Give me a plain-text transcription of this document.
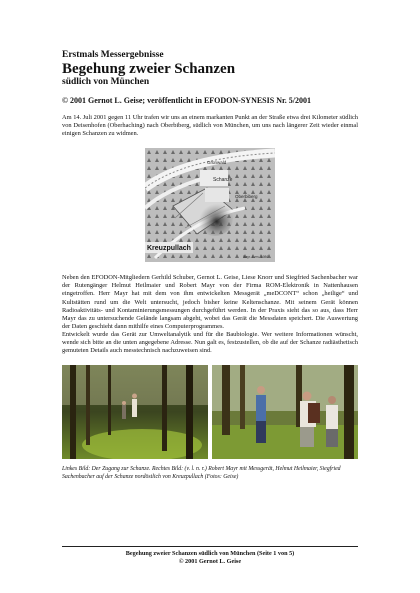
Erstmals Messergebnisse
Begehung zweier Schanzen
südlich von München
© 2001 Gernot L. Geise; veröffentlicht in EFODON-SYNESIS Nr. 5/2001

Am 14. Juli 2001 gegen 11 Uhr trafen wir uns an einem markanten Punkt an der Straße etwa drei Kilometer südlich von Deisenhofen (Oberhaching) nach Oberbiberg, südlich von München, um uns nach längerer Zeit wieder einmal einigen Schanzen zu widmen.

Schanze
Kreuzpullach
Grünwald
Oberbiberg
Bayr. Lvm. 1986

Neben den EFODON-Mitgliedern Gerhild Schuber, Gernot L. Geise, Liese Knorr und Siegfried Sachenbacher war der Rutengänger Helmut Heilmaier und Robert Mayr von der Firma ROM-Elektronik in Nattenhausen eingetroffen. Herr Mayr hat mit dem von ihm entwickelten Messgerät „meDCONT“ schon „heilige“ und Kultstätten rund um die Welt untersucht, jedoch bisher keine Keltenschanze. Mit seinem Gerät können Radioaktivitäts- und Kontaminierungsmessungen durchgeführt werden. In der Praxis sieht das so aus, dass Herr Mayr das zu untersuchende Gelände langsam abgeht, wobei das Gerät die Messdaten speichert. Die Auswertung der Daten geschieht dann mithilfe eines Computerprogrammes.

Entwickelt wurde das Gerät zur Umweltanalytik und für die Baubiologie. Wer weitere Informationen wünscht, wende sich bitte an die unten angegebene Adresse. Nun galt es, festzustellen, ob die auf der Schanze radiästhetisch gemuteten Details auch messtechnisch nachzuweisen sind.

Linkes Bild: Der Zugang zur Schanze. Rechtes Bild: (v. l. n. r.) Robert Mayr mit Messgerät, Helmut Heilmaier, Siegfried Sachenbacher auf der Schanze nordöstlich von Kreuzpullach (Fotos: Geise)

Begehung zweier Schanzen südlich von München (Seite 1 von 5)
© 2001 Gernot L. Geise
